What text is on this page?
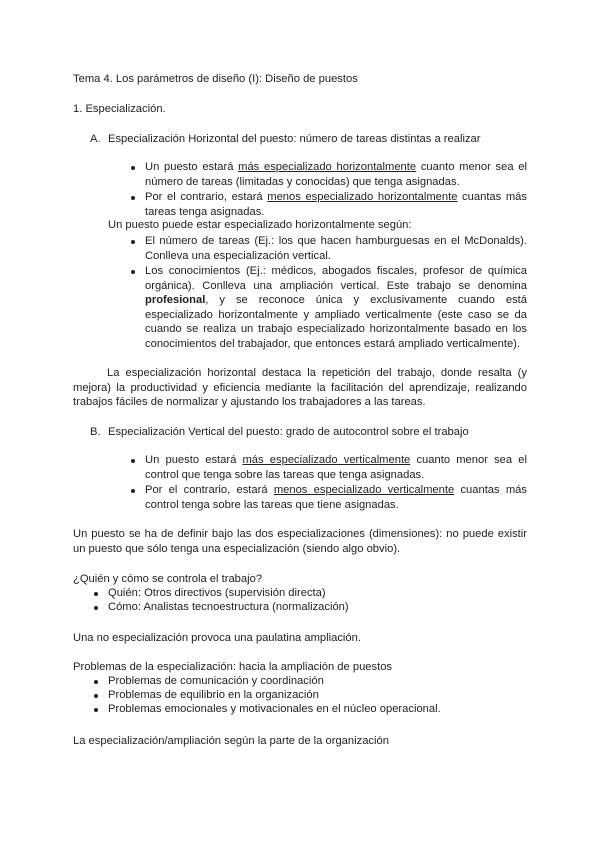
Tema 4. Los parámetros de diseño (I): Diseño de puestos
1. Especialización.
A. Especialización Horizontal del puesto: número de tareas distintas a realizar
Un puesto estará más especializado horizontalmente cuanto menor sea el número de tareas (limitadas y conocidas) que tenga asignadas.
Por el contrario, estará menos especializado horizontalmente cuantas más tareas tenga asignadas.
Un puesto puede estar especializado horizontalmente según:
El número de tareas (Ej.: los que hacen hamburguesas en el McDonalds). Conlleva una especialización vertical.
Los conocimientos (Ej.: médicos, abogados fiscales, profesor de química orgánica). Conlleva una ampliación vertical. Este trabajo se denomina profesional, y se reconoce única y exclusivamente cuando está especializado horizontalmente y ampliado verticalmente (este caso se da cuando se realiza un trabajo especializado horizontalmente basado en los conocimientos del trabajador, que entonces estará ampliado verticalmente).
La especialización horizontal destaca la repetición del trabajo, donde resalta (y mejora) la productividad y eficiencia mediante la facilitación del aprendizaje, realizando trabajos fáciles de normalizar y ajustando los trabajadores a las tareas.
B. Especialización Vertical del puesto: grado de autocontrol sobre el trabajo
Un puesto estará más especializado verticalmente cuanto menor sea el control que tenga sobre las tareas que tenga asignadas.
Por el contrario, estará menos especializado verticalmente cuantas más control tenga sobre las tareas que tiene asignadas.
Un puesto se ha de definir bajo las dos especializaciones (dimensiones): no puede existir un puesto que sólo tenga una especialización (siendo algo obvio).
¿Quién y cómo se controla el trabajo?
Quién: Otros directivos (supervisión directa)
Cómo: Analistas tecnoestructura (normalización)
Una no especialización provoca una paulatina ampliación.
Problemas de la especialización: hacia la ampliación de puestos
Problemas de comunicación y coordinación
Problemas de equilibrio en la organización
Problemas emocionales y motivacionales en el núcleo operacional.
La especialización/ampliación según la parte de la organización
